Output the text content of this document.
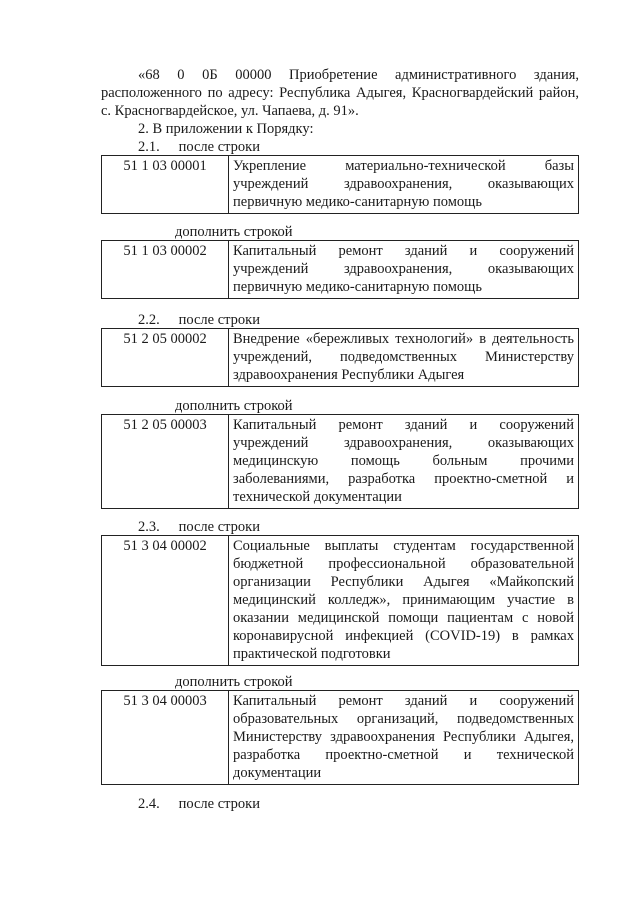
«68 0 0Б 00000 Приобретение административного здания,

расположенного по адресу: Республика Адыгея, Красногвардейский район,

с. Красногвардейское, ул. Чапаева, д. 91».

2. В приложении к Порядку:

2.1. после строки
51 1 03 00001	Укрепление материально-технической базы
учреждений здравоохранения, оказывающих
первичную медико-санитарную помощь
дополнить строкой
51 1 03 00002	Капитальный ремонт зданий и сооружений
учреждений здравоохранения, оказывающих
первичную медико-санитарную помощь
2.2. после строки
51 2 05 00002	Внедрение «бережливых технологий» в деятельность
учреждений, подведомственных Министерству
здравоохранения Республики Адыгея
дополнить строкой
51 2 05 00003	Капитальный ремонт зданий и сооружений
учреждений здравоохранения, оказывающих
медицинскую помощь больным прочими
заболеваниями, разработка проектно-сметной и
технической документации
2.3. после строки
51 3 04 00002	Социальные выплаты студентам государственной
бюджетной профессиональной образовательной
организации Республики Адыгея «Майкопский
медицинский колледж», принимающим участие в
оказании медицинской помощи пациентам с новой
коронавирусной инфекцией (COVID-19) в рамках
практической подготовки
дополнить строкой
51 3 04 00003	Капитальный ремонт зданий и сооружений
образовательных организаций, подведомственных
Министерству здравоохранения Республики Адыгея,
разработка проектно-сметной и технической
документации
2.4. после строки
